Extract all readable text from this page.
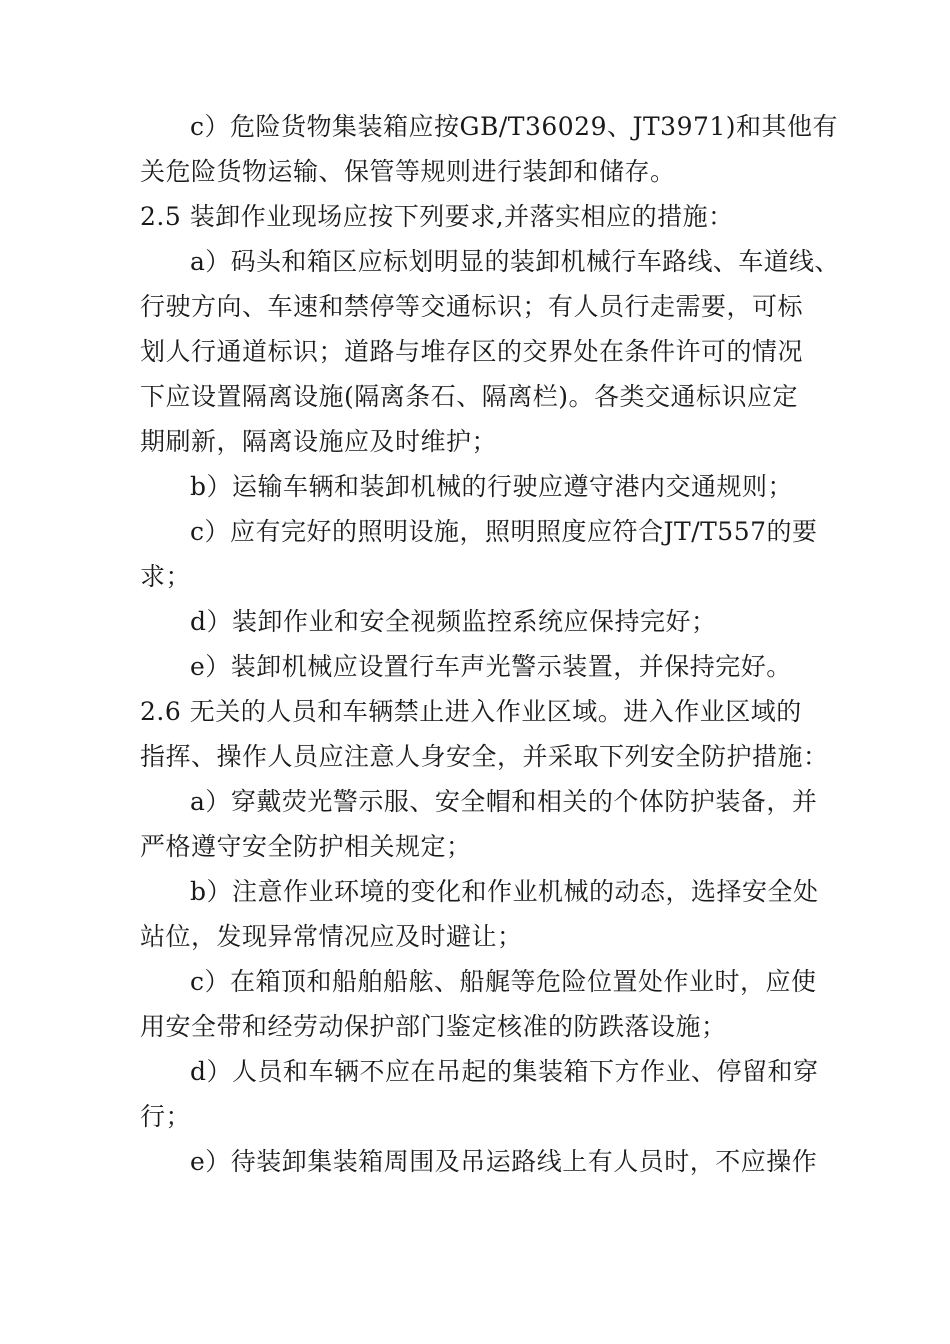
c）危险货物集装箱应按GB/T36029、JT3971)和其他有
关危险货物运输、保管等规则进行装卸和储存。
2.5 装卸作业现场应按下列要求,并落实相应的措施：
a）码头和箱区应标划明显的装卸机械行车路线、车道线、
行驶方向、车速和禁停等交通标识；有人员行走需要，可标
划人行通道标识；道路与堆存区的交界处在条件许可的情况
下应设置隔离设施(隔离条石、隔离栏)。各类交通标识应定
期刷新，隔离设施应及时维护；
b）运输车辆和装卸机械的行驶应遵守港内交通规则；
c）应有完好的照明设施，照明照度应符合JT/T557的要
求；
d）装卸作业和安全视频监控系统应保持完好；
e）装卸机械应设置行车声光警示装置，并保持完好。
2.6 无关的人员和车辆禁止进入作业区域。进入作业区域的
指挥、操作人员应注意人身安全，并采取下列安全防护措施：
a）穿戴荧光警示服、安全帽和相关的个体防护装备，并
严格遵守安全防护相关规定；
b）注意作业环境的变化和作业机械的动态，选择安全处
站位，发现异常情况应及时避让；
c）在箱顶和船舶船舷、船艉等危险位置处作业时，应使
用安全带和经劳动保护部门鉴定核准的防跌落设施；
d）人员和车辆不应在吊起的集装箱下方作业、停留和穿
行；
e）待装卸集装箱周围及吊运路线上有人员时，不应操作
